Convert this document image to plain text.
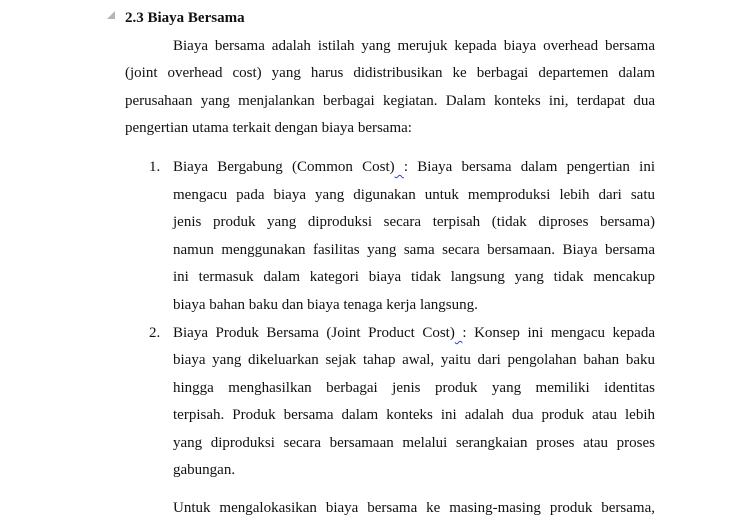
2.3 Biaya Bersama
Biaya bersama adalah istilah yang merujuk kepada biaya overhead bersama
(joint overhead cost) yang harus didistribusikan ke berbagai departemen dalam
perusahaan yang menjalankan berbagai kegiatan. Dalam konteks ini, terdapat dua
pengertian utama terkait dengan biaya bersama:
1. Biaya Bergabung (Common Cost) : Biaya bersama dalam pengertian ini
mengacu pada biaya yang digunakan untuk memproduksi lebih dari satu
jenis produk yang diproduksi secara terpisah (tidak diproses bersama)
namun menggunakan fasilitas yang sama secara bersamaan. Biaya bersama
ini termasuk dalam kategori biaya tidak langsung yang tidak mencakup
biaya bahan baku dan biaya tenaga kerja langsung.
2. Biaya Produk Bersama (Joint Product Cost) : Konsep ini mengacu kepada
biaya yang dikeluarkan sejak tahap awal, yaitu dari pengolahan bahan baku
hingga menghasilkan berbagai jenis produk yang memiliki identitas
terpisah. Produk bersama dalam konteks ini adalah dua produk atau lebih
yang diproduksi secara bersamaan melalui serangkaian proses atau proses
gabungan.
Untuk mengalokasikan biaya bersama ke masing-masing produk bersama,
